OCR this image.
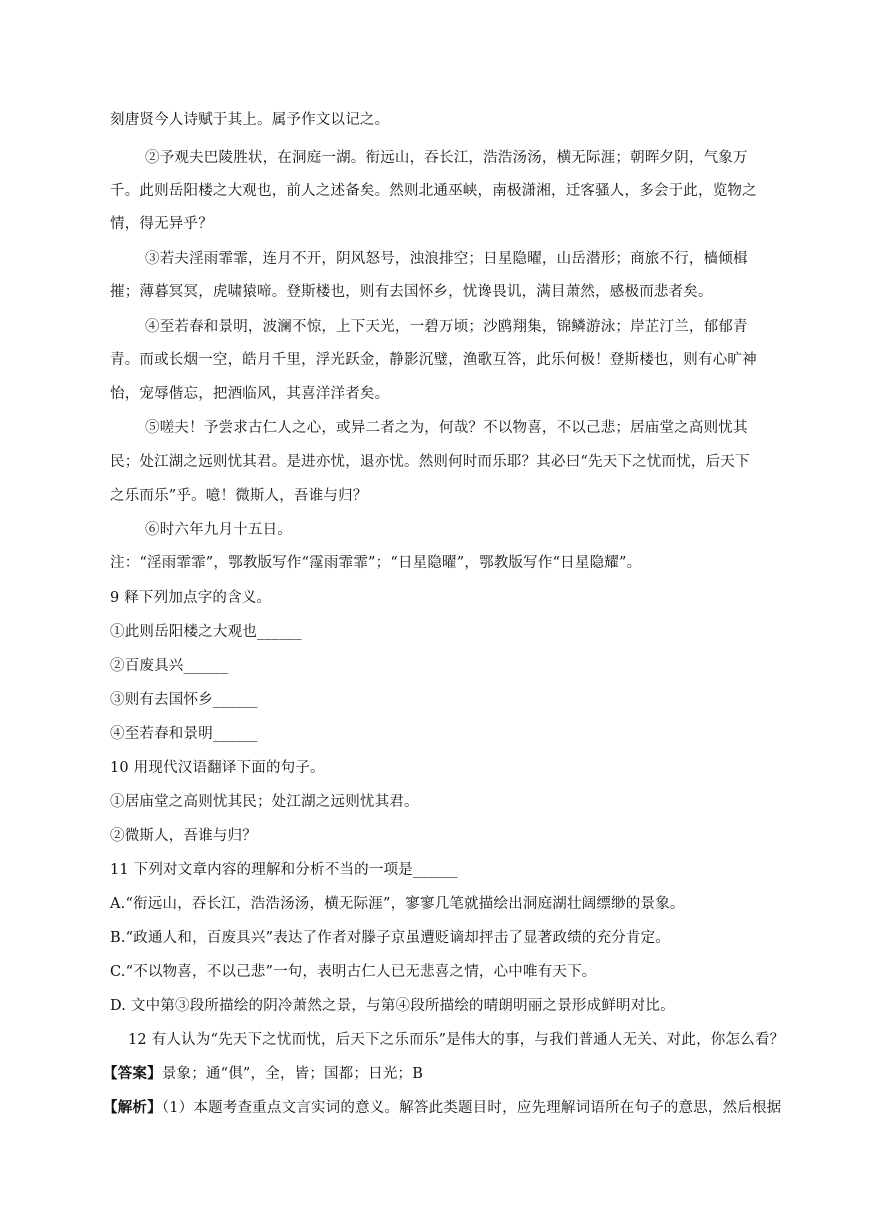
刻唐贤今人诗赋于其上。属予作文以记之。
②予观夫巴陵胜状，在洞庭一湖。衔远山，吞长江，浩浩汤汤，横无际涯；朝晖夕阴，气象万
千。此则岳阳楼之大观也，前人之述备矣。然则北通巫峡，南极潇湘，迁客骚人，多会于此，览物之
情，得无异乎？
③若夫淫雨霏霏，连月不开，阴风怒号，浊浪排空；日星隐曜，山岳潜形；商旅不行，樯倾楫
摧；薄暮冥冥，虎啸猿啼。登斯楼也，则有去国怀乡，忧谗畏讥，满目萧然，感极而悲者矣。
④至若春和景明，波澜不惊，上下天光，一碧万顷；沙鸥翔集，锦鳞游泳；岸芷汀兰，郁郁青
青。而或长烟一空，皓月千里，浮光跃金，静影沉璧，渔歌互答，此乐何极！登斯楼也，则有心旷神
怡，宠辱偕忘，把酒临风，其喜洋洋者矣。
⑤嗟夫！予尝求古仁人之心，或异二者之为，何哉？不以物喜，不以己悲；居庙堂之高则忧其
民；处江湖之远则忧其君。是进亦忧，退亦忧。然则何时而乐耶？其必曰“先天下之忧而忧，后天下
之乐而乐”乎。噫！微斯人，吾谁与归？
⑥时六年九月十五日。
注：“淫雨霏霏”，鄂教版写作“霪雨霏霏”；“日星隐曜”，鄂教版写作“日星隐耀”。
9 释下列加点字的含义。
①此则岳阳楼之大观也______
②百废具兴______
③则有去国怀乡______
④至若春和景明______
10 用现代汉语翻译下面的句子。
①居庙堂之高则忧其民；处江湖之远则忧其君。
②微斯人，吾谁与归？
11 下列对文章内容的理解和分析不当的一项是______
A.“衔远山，吞长江，浩浩汤汤，横无际涯”，寥寥几笔就描绘出洞庭湖壮阔缥缈的景象。
B.“政通人和，百废具兴”表达了作者对滕子京虽遭贬谪却抨击了显著政绩的充分肯定。
C.“不以物喜，不以己悲”一句，表明古仁人已无悲喜之情，心中唯有天下。
D. 文中第③段所描绘的阴冷萧然之景，与第④段所描绘的晴朗明丽之景形成鲜明对比。
12 有人认为“先天下之忧而忧，后天下之乐而乐”是伟大的事，与我们普通人无关、对此，你怎么看？
【答案】景象；通“俱”，全，皆；国都；日光；B
【解析】（1）本题考查重点文言实词的意义。解答此类题目时，应先理解词语所在句子的意思，然后根据
